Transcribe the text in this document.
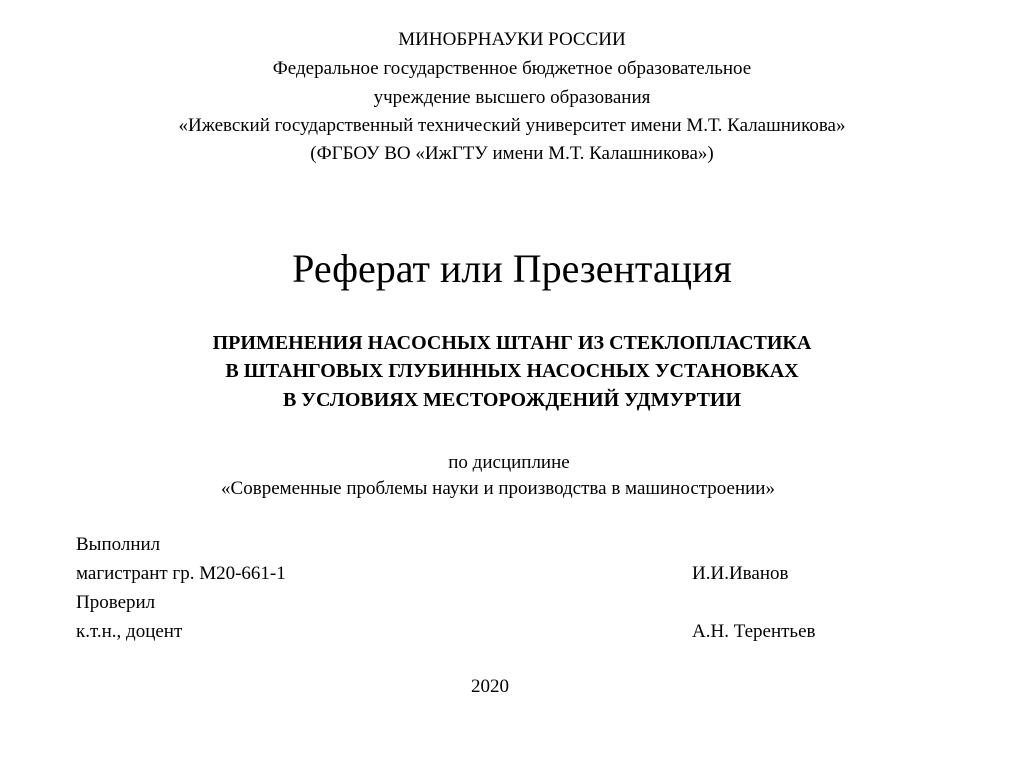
МИНОБРНАУКИ РОССИИ
Федеральное государственное бюджетное образовательное
учреждение высшего образования
«Ижевский государственный технический университет имени М.Т. Калашникова»
(ФГБОУ ВО «ИжГТУ имени М.Т. Калашникова»)
Реферат или Презентация
ПРИМЕНЕНИЯ НАСОСНЫХ ШТАНГ ИЗ СТЕКЛОПЛАСТИКА
В ШТАНГОВЫХ ГЛУБИННЫХ НАСОСНЫХ УСТАНОВКАХ
В УСЛОВИЯХ МЕСТОРОЖДЕНИЙ УДМУРТИИ
по дисциплине
«Современные проблемы науки и производства в машиностроении»
Выполнил
магистрант гр. М20-661-1	И.И.Иванов
Проверил
к.т.н., доцент	А.Н. Терентьев
2020
